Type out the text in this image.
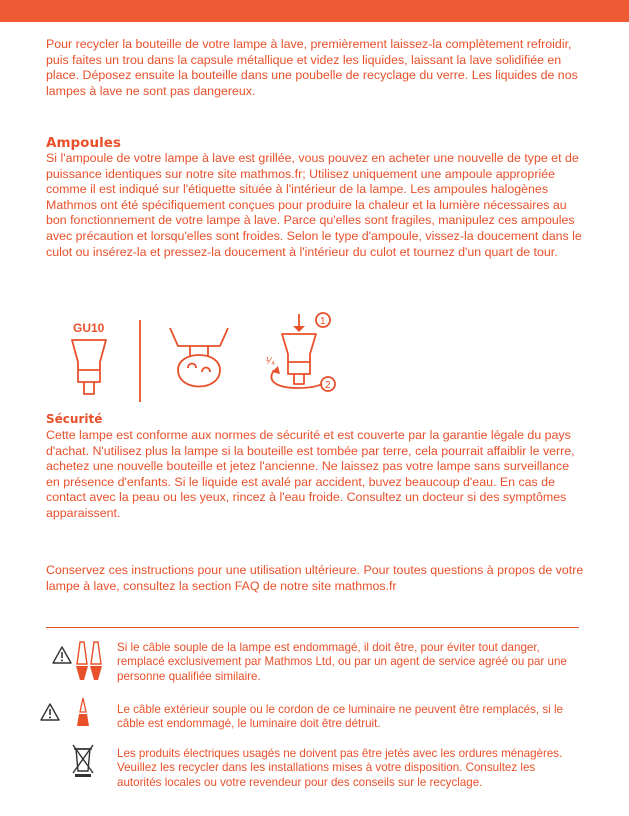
Pour recycler la bouteille de votre lampe à lave, premièrement laissez-la complètement refroidir, puis faites un trou dans la capsule métallique et videz les liquides, laissant la lave solidifiée en place. Déposez ensuite la bouteille dans une poubelle de recyclage du verre. Les liquides de nos lampes à lave ne sont pas dangereux.

Ampoules

Si l'ampoule de votre lampe à lave est grillée, vous pouvez en acheter une nouvelle de type et de puissance identiques sur notre site mathmos.fr; Utilisez uniquement une ampoule appropriée comme il est indiqué sur l'étiquette située à l'intérieur de la lampe. Les ampoules halogènes Mathmos ont été spécifiquement conçues pour produire la chaleur et la lumière nécessaires au bon fonctionnement de votre lampe à lave. Parce qu'elles sont fragiles, manipulez ces ampoules avec précaution et lorsqu'elles sont froides. Selon le type d'ampoule, vissez-la doucement dans le culot ou insérez-la et pressez-la doucement à l'intérieur du culot et tournez d'un quart de tour.

GU10	1
2
¹⁄₄
Sécurité

Cette lampe est conforme aux normes de sécurité et est couverte par la garantie légale du pays d'achat. N'utilisez plus la lampe si la bouteille est tombée par terre, cela pourrait affaiblir le verre, achetez une nouvelle bouteille et jetez l'ancienne. Ne laissez pas votre lampe sans surveillance en présence d'enfants. Si le liquide est avalé par accident, buvez beaucoup d'eau. En cas de contact avec la peau ou les yeux, rincez à l'eau froide. Consultez un docteur si des symptômes apparaissent.

Conservez ces instructions pour une utilisation ultérieure. Pour toutes questions à propos de votre lampe à lave, consultez la section FAQ de notre site mathmos.fr

Si le câble souple de la lampe est endommagé, il doit être, pour éviter tout danger, remplacé exclusivement par Mathmos Ltd, ou par un agent de service agréé ou par une personne qualifiée similaire.

Le câble extérieur souple ou le cordon de ce luminaire ne peuvent être remplacés, si le câble est endommagé, le luminaire doit être détruit.

Les produits électriques usagés ne doivent pas être jetés avec les ordures ménagères. Veuillez les recycler dans les installations mises à votre disposition. Consultez les autorités locales ou votre revendeur pour des conseils sur le recyclage.
